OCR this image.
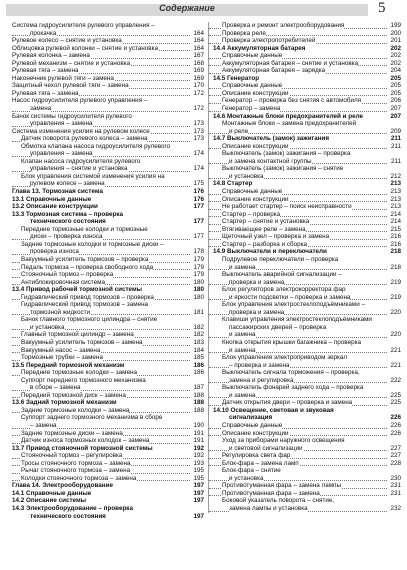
Содержание	5
Система гидроусилителя рулевого управления –
прокачка	164
Рулевое колесо – снятие и установка	164
Облицовка рулевой колонки – снятие и установка	164
Рулевая колонка – замена	167
Рулевой механизм – снятие и установка	168
Рулевая тяга – замена	169
Наконечник рулевой тяги – замена	169
Защитный чехол рулевой тяги – замена	170
Рулевая тяга – замена	172
Насос гидроусилителя рулевого управления –
замена	172
Бачок системы гидроусилителя рулевого
управления – замена	173
Система изменения усилия на рулевом колесе	173
Датчик поворота рулевого колеса – замена	173
Обмотка клапана насоса гидроусилителя рулевого
управления – замена	174
Клапан насоса гидроусилителя рулевого
управления – снятие и установка	174
Блок управления системой изменения усилия на
рулевом колесе – замена	175
Глава 13. Тормозная система	176
13.1 Справочные данные	176
13.2 Описание конструкции	177
13.3 Тормозная система – проверка
технического состояния	177
Передние тормозные колодки и тормозные
диски – проверка износа	177
Задние тормозные колодки и тормозные диски –
проверка износа	178
Вакуумный усилитель тормозов – проверка	179
Педаль тормоза – проверка свободного хода	179
Стояночный тормоз – проверка	179
Антиблокировочная система	180
13.4 Привод рабочей тормозной системы	180
Гидравлический привод тормозов – проверка	180
Гидравлический привод тормозов – замена
тормозной жидкости	181
Бачок главного тормозного цилиндра – снятие
и установка	182
Главный тормозной цилиндр – замена	182
Вакуумный усилитель тормозов – замена	183
Вакуумный насос – замена	184
Тормозные трубки – замена	185
13.5 Передний тормозной механизм	186
Передние тормозные колодки – замена	186
Суппорт переднего тормозного механизма
в сборе – замена	187
Передний тормозной диск – замена	188
13.6 Задний тормозной механизм	188
Задние тормозные колодки – замена	188
Суппорт заднего тормозного механизма в сборе
– замена	190
Задние тормозные диски – замена	191
Датчик износа тормозных колодок – замена	191
13.7 Привод стояночной тормозной системы	192
Стояночный тормоз – регулировка	192
Тросы стояночного тормоза – замена	193
Рычаг стояночного тормоза – замена	195
Колодки стояночного тормоза – замена	195
Глава 14. Электрооборудование	197
14.1 Справочные данные	197
14.2 Описание системы	197
14.3 Электрооборудование – проверка
технического состояния	197
Проверка и ремонт электрооборудования	199
Проверка реле	200
Проверка электропотребителей	201
14.4 Аккумуляторная батарея	202
Справочные данные	202
Аккумуляторная батарея – снятие и установка	202
Аккумуляторная батарея – зарядка	204
14.5 Генератор	205
Справочные данные	205
Описание конструкции	205
Генератор – проверка без снятия с автомобиля	206
Генератор – замена	207
14.6 Монтажные блоки предохранителей и реле	207
Монтажные блоки – замена предохранителей
и реле	209
14.7 Выключатель (замок) зажигания	211
Описание конструкции	211
Выключатель (замок) зажигания – проверка
и замена контактной группы	211
Выключатель (замок) зажигания – снятие
и установка	212
14.8 Стартер	213
Справочные данные	213
Описание конструкции	213
Не работает стартер – поиск неисправности	213
Стартер – проверка	214
Стартер – снятие и установка	214
Втягивающее реле – замена	215
Щеточный узел – проверка и замена	216
Стартер – разборка и сборка	216
14.9 Выключатели и переключатели	218
Подрулевое переключатели – проверка
и замена	218
Выключатель аварийной сигнализации –
проверка и замена	219
Блок регуляторов электрокорректора фар
и яркости подсветки – проверка и замена	219
Блок управления электростеклоподъёмниками –
проверка и замена	220
Клавиши управления электростеклоподъёмниками
пассажирских дверей – проверка
и замена	220
Кнопка открытия крышки багажника – проверка
и замена	221
Блок управления электроприводом зеркал
– проверка и замена	221
Выключатель сигнала торможения – проверка,
замена и регулировка	222
Выключатель фонарей заднего хода – проверка
и замена	225
Датчик открытия двери – проверка и замена	225
14.10 Освещение, световая и звуковая
сигнализация	226
Справочные данные	226
Описание конструкции	226
Уход за приборами наружного освещения
и световой сигнализации	227
Регулировка света фар	227
Блок-фара – замена ламп	228
Блок-фара – снятие
и установка	230
Противотуманная фара – замена лампы	231
Противотуманная фара – замена	231
Боковой указатель поворота – снятие,
замена лампы и установка	232
